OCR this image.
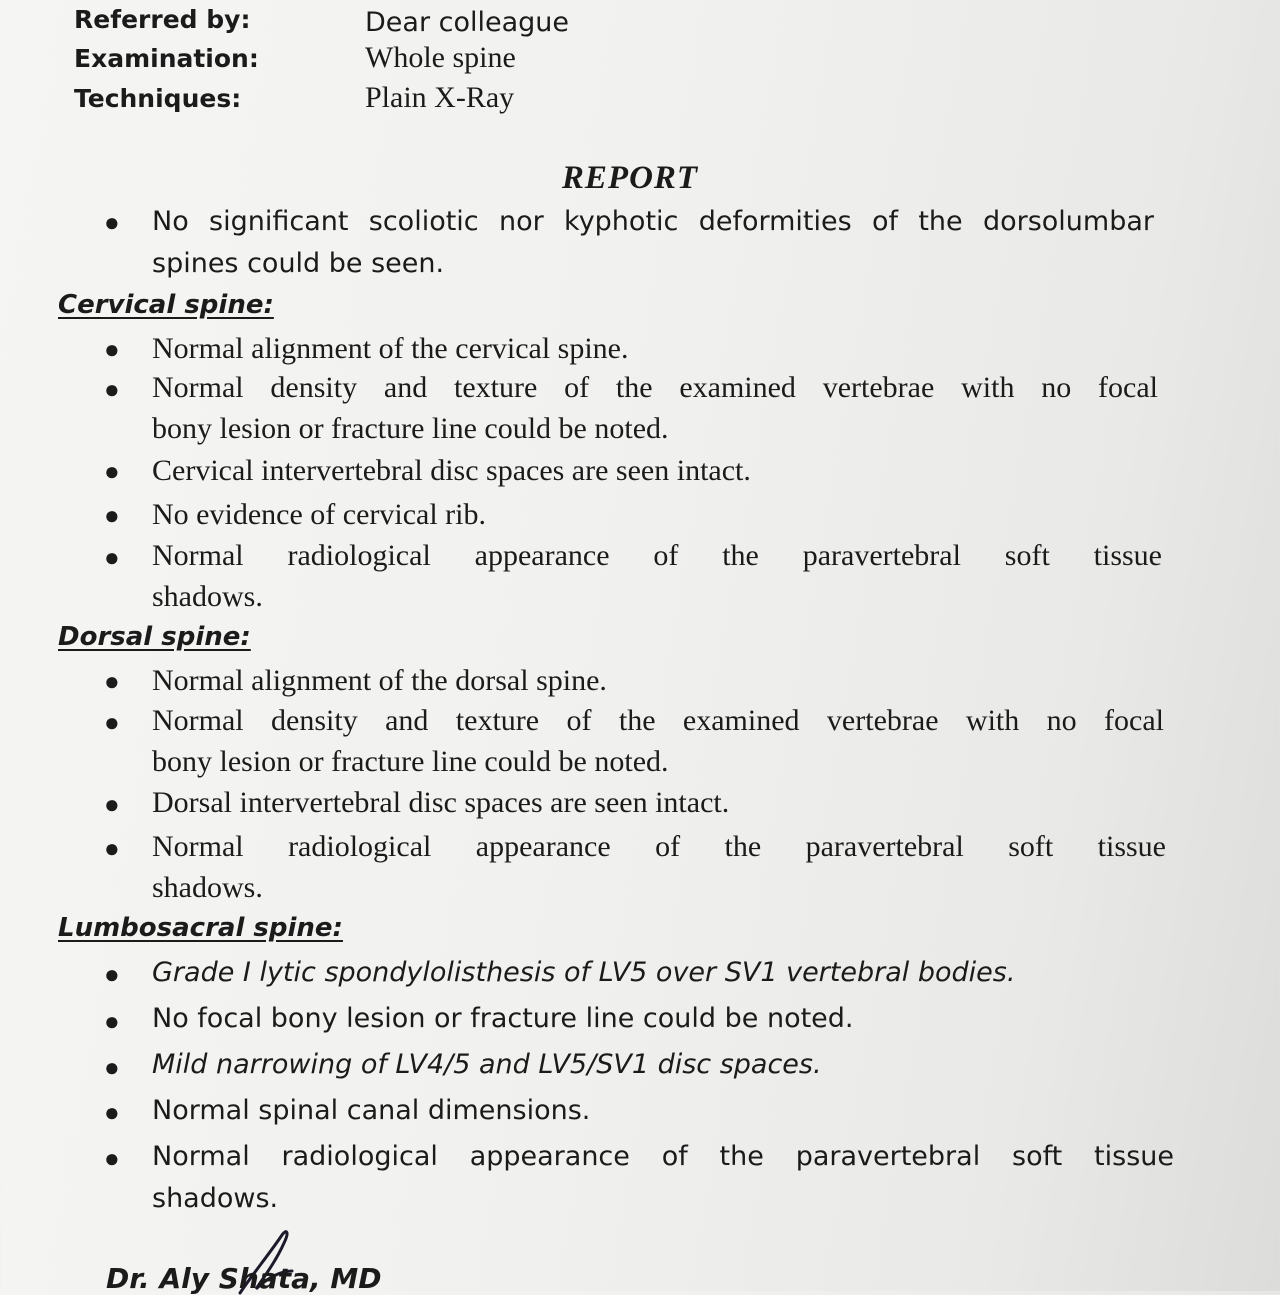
Referred by:	Dear colleague
Examination:	Whole spine
Techniques:	Plain X-Ray
REPORT
● No significant scoliotic nor kyphotic deformities of the dorsolumbar
spines could be seen.
Cervical spine:
● Normal alignment of the cervical spine.
● Normal density and texture of the examined vertebrae with no focal
bony lesion or fracture line could be noted.
● Cervical intervertebral disc spaces are seen intact.
● No evidence of cervical rib.
● Normal radiological appearance of the paravertebral soft tissue
shadows.
Dorsal spine:
● Normal alignment of the dorsal spine.
● Normal density and texture of the examined vertebrae with no focal
bony lesion or fracture line could be noted.
● Dorsal intervertebral disc spaces are seen intact.
● Normal radiological appearance of the paravertebral soft tissue
shadows.
Lumbosacral spine:
● Grade I lytic spondylolisthesis of LV5 over SV1 vertebral bodies.
● No focal bony lesion or fracture line could be noted.
● Mild narrowing of LV4/5 and LV5/SV1 disc spaces.
● Normal spinal canal dimensions.
● Normal radiological appearance of the paravertebral soft tissue
shadows.
Dr. Aly Shata, MD
